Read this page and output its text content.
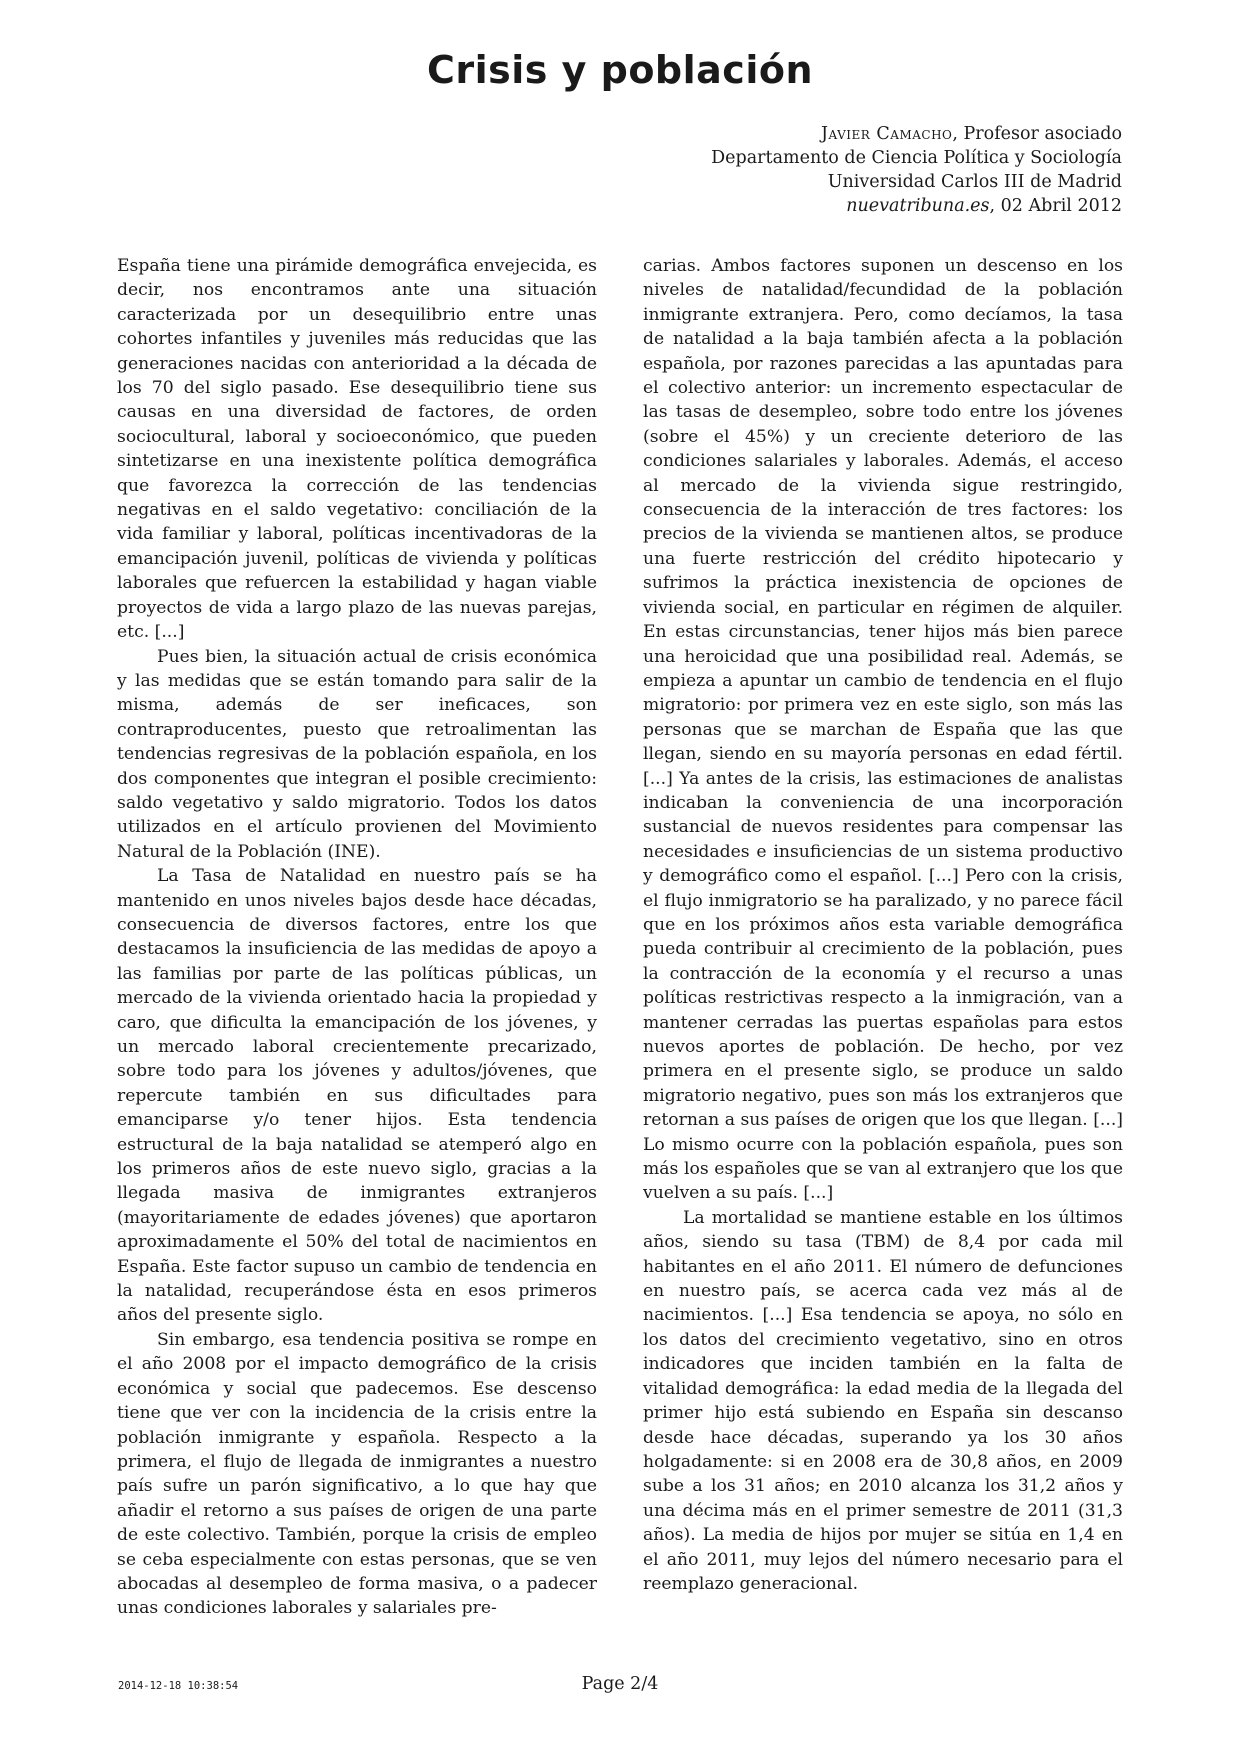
Crisis y población
Javier Camacho, Profesor asociado
Departamento de Ciencia Política y Sociología
Universidad Carlos III de Madrid
nuevatribuna.es, 02 Abril 2012

España tiene una pirámide demográfica envejecida, es decir, nos encontramos ante una situación caracterizada por un desequilibrio entre unas cohortes infantiles y juveniles más reducidas que las generaciones nacidas con anterioridad a la década de los 70 del siglo pasado. Ese desequilibrio tiene sus causas en una diversidad de factores, de orden sociocultural, laboral y socioeconómico, que pueden sintetizarse en una inexistente política demográfica que favorezca la corrección de las tendencias negativas en el saldo vegetativo: conciliación de la vida familiar y laboral, políticas incentivadoras de la emancipación juvenil, políticas de vivienda y políticas laborales que refuercen la estabilidad y hagan viable proyectos de vida a largo plazo de las nuevas parejas, etc. [...]

Pues bien, la situación actual de crisis económica y las medidas que se están tomando para salir de la misma, además de ser ineficaces, son contraproducentes, puesto que retroalimentan las tendencias regresivas de la población española, en los dos componentes que integran el posible crecimiento: saldo vegetativo y saldo migratorio. Todos los datos utilizados en el artículo provienen del Movimiento Natural de la Población (INE).

La Tasa de Natalidad en nuestro país se ha mantenido en unos niveles bajos desde hace décadas, consecuencia de diversos factores, entre los que destacamos la insuficiencia de las medidas de apoyo a las familias por parte de las políticas públicas, un mercado de la vivienda orientado hacia la propiedad y caro, que dificulta la emancipación de los jóvenes, y un mercado laboral crecientemente precarizado, sobre todo para los jóvenes y adultos/jóvenes, que repercute también en sus dificultades para emanciparse y/o tener hijos. Esta tendencia estructural de la baja natalidad se atemperó algo en los primeros años de este nuevo siglo, gracias a la llegada masiva de inmigrantes extranjeros (mayoritariamente de edades jóvenes) que aportaron aproximadamente el 50% del total de nacimientos en España. Este factor supuso un cambio de tendencia en la natalidad, recuperándose ésta en esos primeros años del presente siglo.

Sin embargo, esa tendencia positiva se rompe en el año 2008 por el impacto demográfico de la crisis económica y social que padecemos. Ese descenso tiene que ver con la incidencia de la crisis entre la población inmigrante y española. Respecto a la primera, el flujo de llegada de inmigrantes a nuestro país sufre un parón significativo, a lo que hay que añadir el retorno a sus países de origen de una parte de este colectivo. También, porque la crisis de empleo se ceba especialmente con estas personas, que se ven abocadas al desempleo de forma masiva, o a padecer unas condiciones laborales y salariales pre-

carias. Ambos factores suponen un descenso en los niveles de natalidad/fecundidad de la población inmigrante extranjera. Pero, como decíamos, la tasa de natalidad a la baja también afecta a la población española, por razones parecidas a las apuntadas para el colectivo anterior: un incremento espectacular de las tasas de desempleo, sobre todo entre los jóvenes (sobre el 45%) y un creciente deterioro de las condiciones salariales y laborales. Además, el acceso al mercado de la vivienda sigue restringido, consecuencia de la interacción de tres factores: los precios de la vivienda se mantienen altos, se produce una fuerte restricción del crédito hipotecario y sufrimos la práctica inexistencia de opciones de vivienda social, en particular en régimen de alquiler. En estas circunstancias, tener hijos más bien parece una heroicidad que una posibilidad real. Además, se empieza a apuntar un cambio de tendencia en el flujo migratorio: por primera vez en este siglo, son más las personas que se marchan de España que las que llegan, siendo en su mayoría personas en edad fértil. [...] Ya antes de la crisis, las estimaciones de analistas indicaban la conveniencia de una incorporación sustancial de nuevos residentes para compensar las necesidades e insuficiencias de un sistema productivo y demográfico como el español. [...] Pero con la crisis, el flujo inmigratorio se ha paralizado, y no parece fácil que en los próximos años esta variable demográfica pueda contribuir al crecimiento de la población, pues la contracción de la economía y el recurso a unas políticas restrictivas respecto a la inmigración, van a mantener cerradas las puertas españolas para estos nuevos aportes de población. De hecho, por vez primera en el presente siglo, se produce un saldo migratorio negativo, pues son más los extranjeros que retornan a sus países de origen que los que llegan. [...] Lo mismo ocurre con la población española, pues son más los españoles que se van al extranjero que los que vuelven a su país. [...]

La mortalidad se mantiene estable en los últimos años, siendo su tasa (TBM) de 8,4 por cada mil habitantes en el año 2011. El número de defunciones en nuestro país, se acerca cada vez más al de nacimientos. [...] Esa tendencia se apoya, no sólo en los datos del crecimiento vegetativo, sino en otros indicadores que inciden también en la falta de vitalidad demográfica: la edad media de la llegada del primer hijo está subiendo en España sin descanso desde hace décadas, superando ya los 30 años holgadamente: si en 2008 era de 30,8 años, en 2009 sube a los 31 años; en 2010 alcanza los 31,2 años y una décima más en el primer semestre de 2011 (31,3 años). La media de hijos por mujer se sitúa en 1,4 en el año 2011, muy lejos del número necesario para el reemplazo generacional.

2014-12-18 10:38:54	Page 2/4
